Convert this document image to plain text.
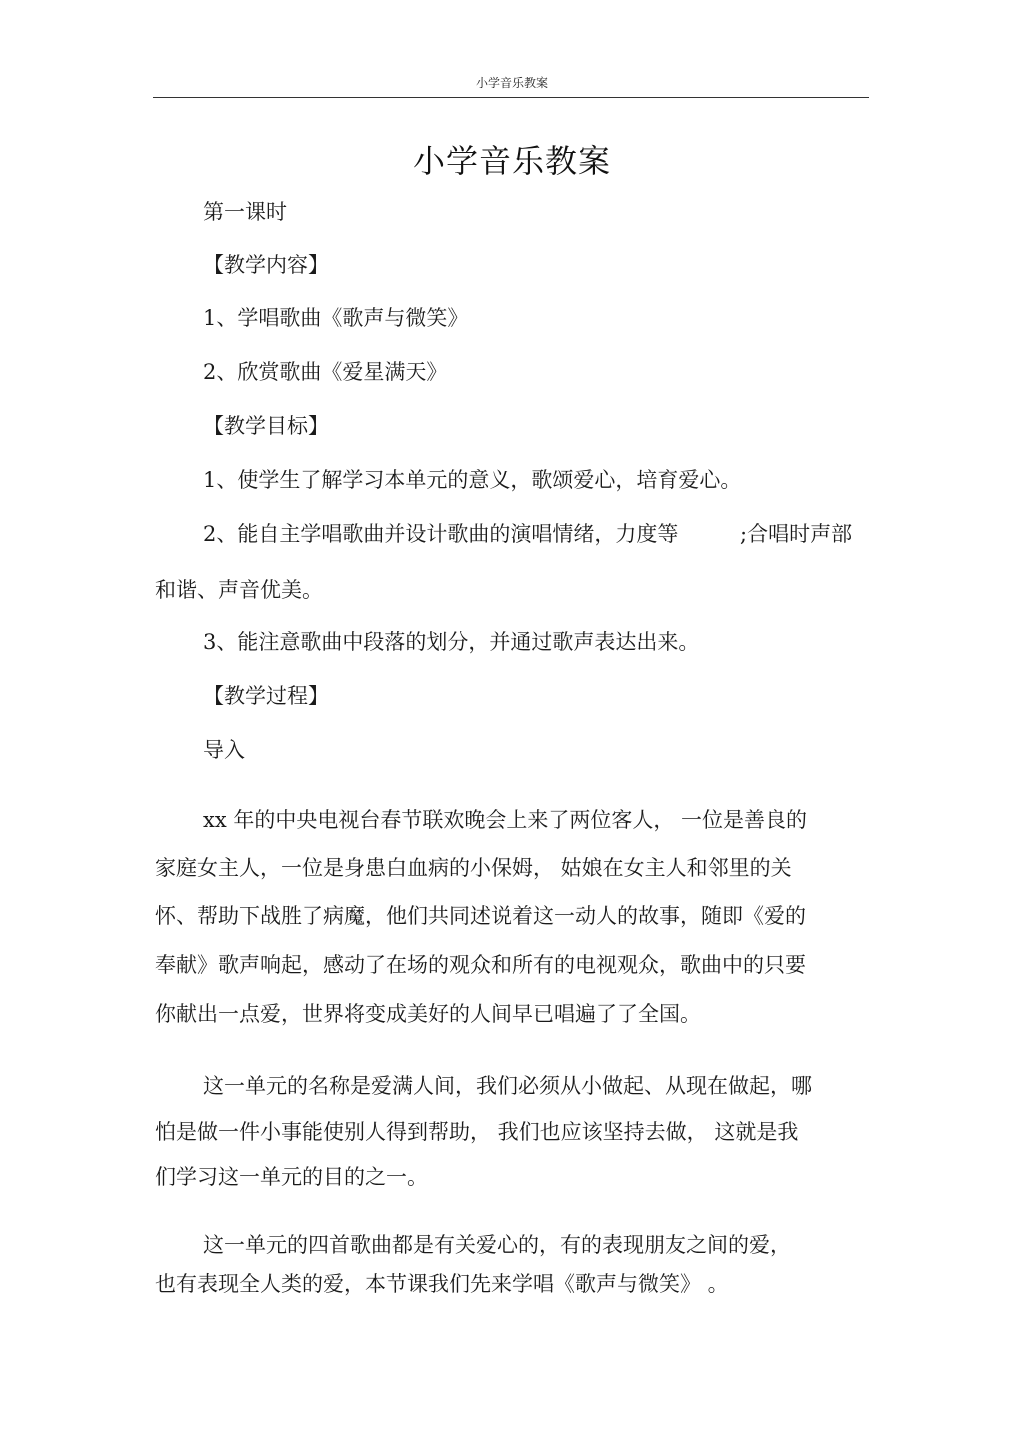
小学音乐教案
小学音乐教案
第一课时
【教学内容】
1、学唱歌曲《歌声与微笑》
2、欣赏歌曲《爱星满天》
【教学目标】
1、使学生了解学习本单元的意义，歌颂爱心，培育爱心。
2、能自主学唱歌曲并设计歌曲的演唱情绪，力度等	;合唱时声部
和谐、声音优美。
3、能注意歌曲中段落的划分，并通过歌声表达出来。
【教学过程】
导入
xx 年的中央电视台春节联欢晚会上来了两位客人， 一位是善良的
家庭女主人，一位是身患白血病的小保姆， 姑娘在女主人和邻里的关
怀、帮助下战胜了病魔，他们共同述说着这一动人的故事，随即《爱的
奉献》歌声响起，感动了在场的观众和所有的电视观众，歌曲中的只要
你献出一点爱，世界将变成美好的人间早已唱遍了了全国。
这一单元的名称是爱满人间，我们必须从小做起、从现在做起，哪
怕是做一件小事能使别人得到帮助， 我们也应该坚持去做， 这就是我
们学习这一单元的目的之一。
这一单元的四首歌曲都是有关爱心的，有的表现朋友之间的爱，
也有表现全人类的爱，本节课我们先来学唱《歌声与微笑》 。
